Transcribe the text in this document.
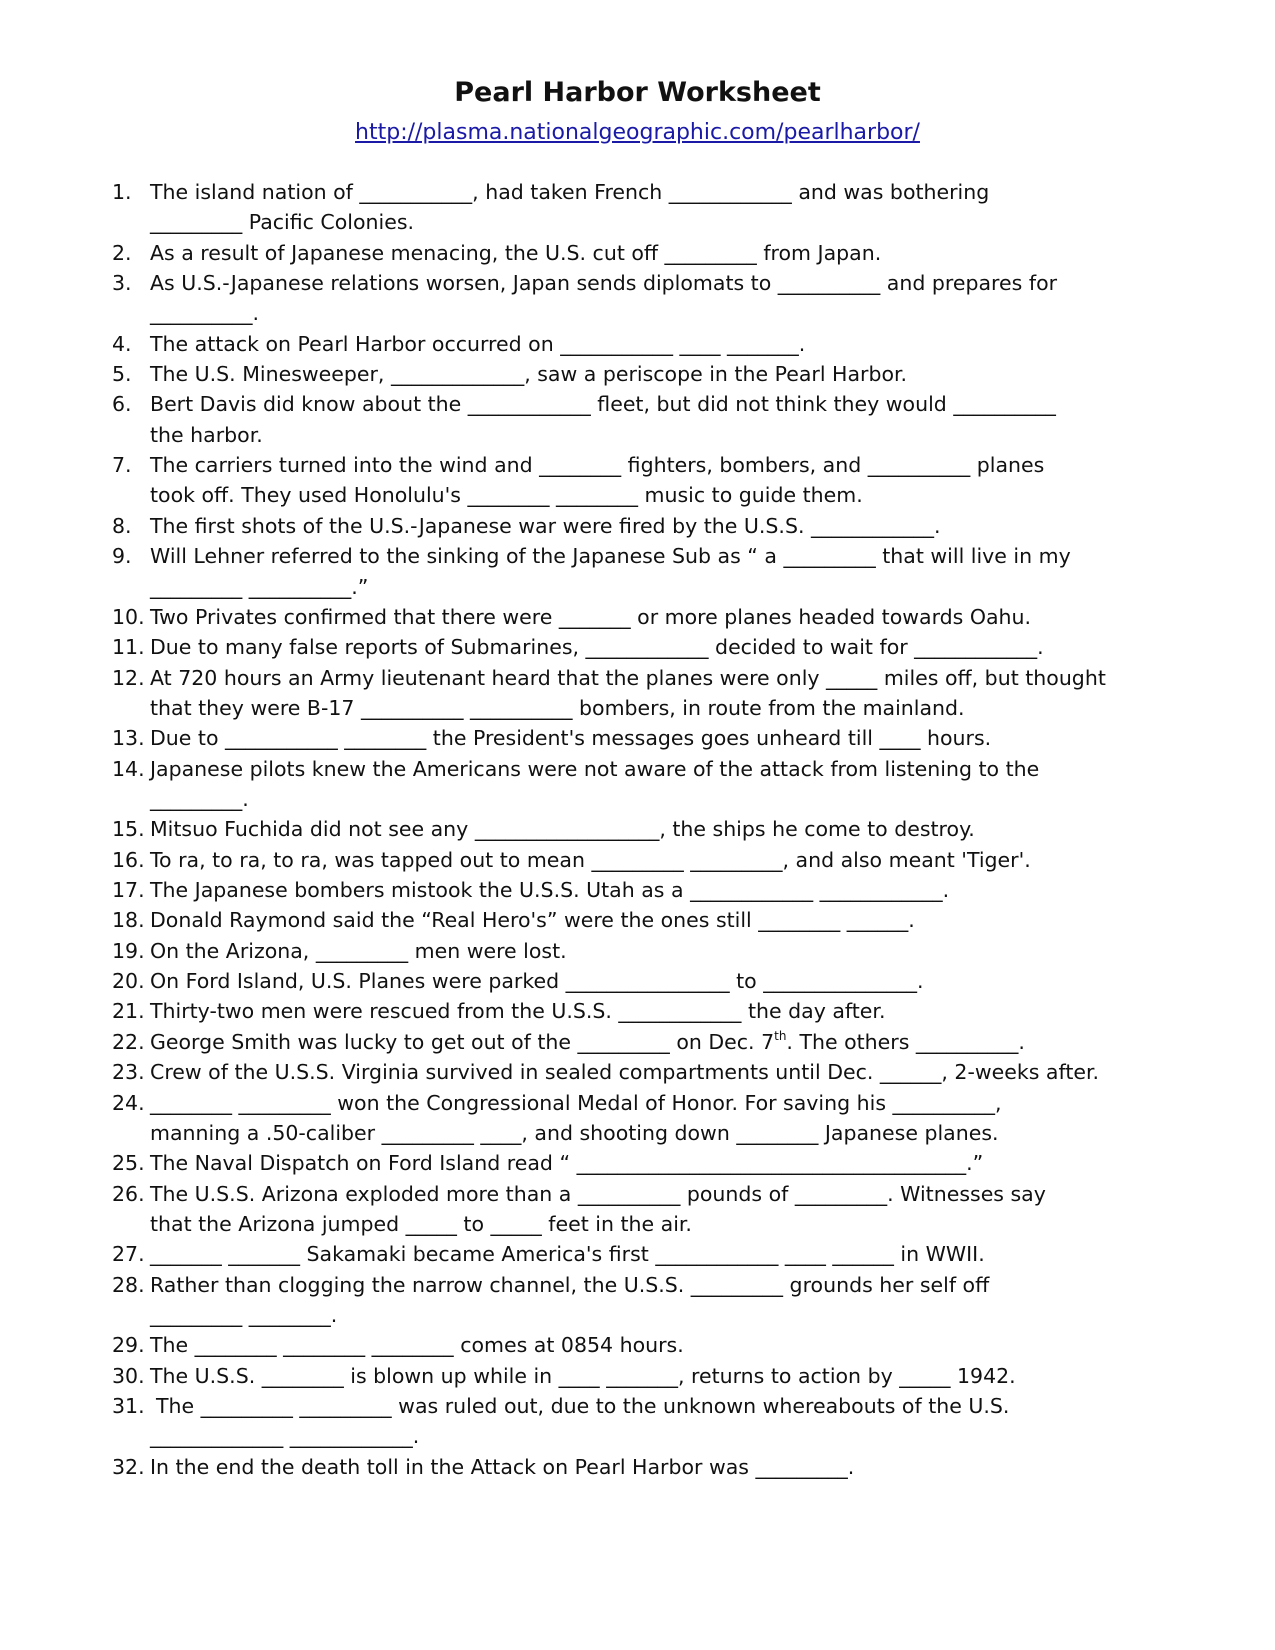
Pearl Harbor Worksheet
http://plasma.nationalgeographic.com/pearlharbor/
1. The island nation of ___________, had taken French ____________ and was bothering
_________ Pacific Colonies.
2. As a result of Japanese menacing, the U.S. cut off _________ from Japan.
3. As U.S.-Japanese relations worsen, Japan sends diplomats to __________ and prepares for
__________.
4. The attack on Pearl Harbor occurred on ___________ ____ _______.
5. The U.S. Minesweeper, _____________, saw a periscope in the Pearl Harbor.
6. Bert Davis did know about the ____________ fleet, but did not think they would __________
the harbor.
7. The carriers turned into the wind and ________ fighters, bombers, and __________ planes
took off. They used Honolulu's ________ ________ music to guide them.
8. The first shots of the U.S.-Japanese war were fired by the U.S.S. ____________.
9. Will Lehner referred to the sinking of the Japanese Sub as “ a _________ that will live in my
_________ __________.”
10. Two Privates confirmed that there were _______ or more planes headed towards Oahu.
11. Due to many false reports of Submarines, ____________ decided to wait for ____________.
12. At 720 hours an Army lieutenant heard that the planes were only _____ miles off, but thought
that they were B-17 __________ __________ bombers, in route from the mainland.
13. Due to ___________ ________ the President's messages goes unheard till ____ hours.
14. Japanese pilots knew the Americans were not aware of the attack from listening to the
_________.
15. Mitsuo Fuchida did not see any __________________, the ships he come to destroy.
16. To ra, to ra, to ra, was tapped out to mean _________ _________, and also meant 'Tiger'.
17. The Japanese bombers mistook the U.S.S. Utah as a ____________ ____________.
18. Donald Raymond said the “Real Hero's” were the ones still ________ ______.
19. On the Arizona, _________ men were lost.
20. On Ford Island, U.S. Planes were parked ________________ to _______________.
21. Thirty-two men were rescued from the U.S.S. ____________ the day after.
22. George Smith was lucky to get out of the _________ on Dec. 7th. The others __________.
23. Crew of the U.S.S. Virginia survived in sealed compartments until Dec. ______, 2-weeks after.
24. ________ _________ won the Congressional Medal of Honor. For saving his __________,
manning a .50-caliber _________ ____, and shooting down ________ Japanese planes.
25. The Naval Dispatch on Ford Island read “ ______________________________________.”
26. The U.S.S. Arizona exploded more than a __________ pounds of _________. Witnesses say
that the Arizona jumped _____ to _____ feet in the air.
27. _______ _______ Sakamaki became America's first ____________ ____ ______ in WWII.
28. Rather than clogging the narrow channel, the U.S.S. _________ grounds her self off
_________ ________.
29. The ________ ________ ________ comes at 0854 hours.
30. The U.S.S. ________ is blown up while in ____ _______, returns to action by _____ 1942.
31. The _________ _________ was ruled out, due to the unknown whereabouts of the U.S.
_____________ ____________.
32. In the end the death toll in the Attack on Pearl Harbor was _________.
